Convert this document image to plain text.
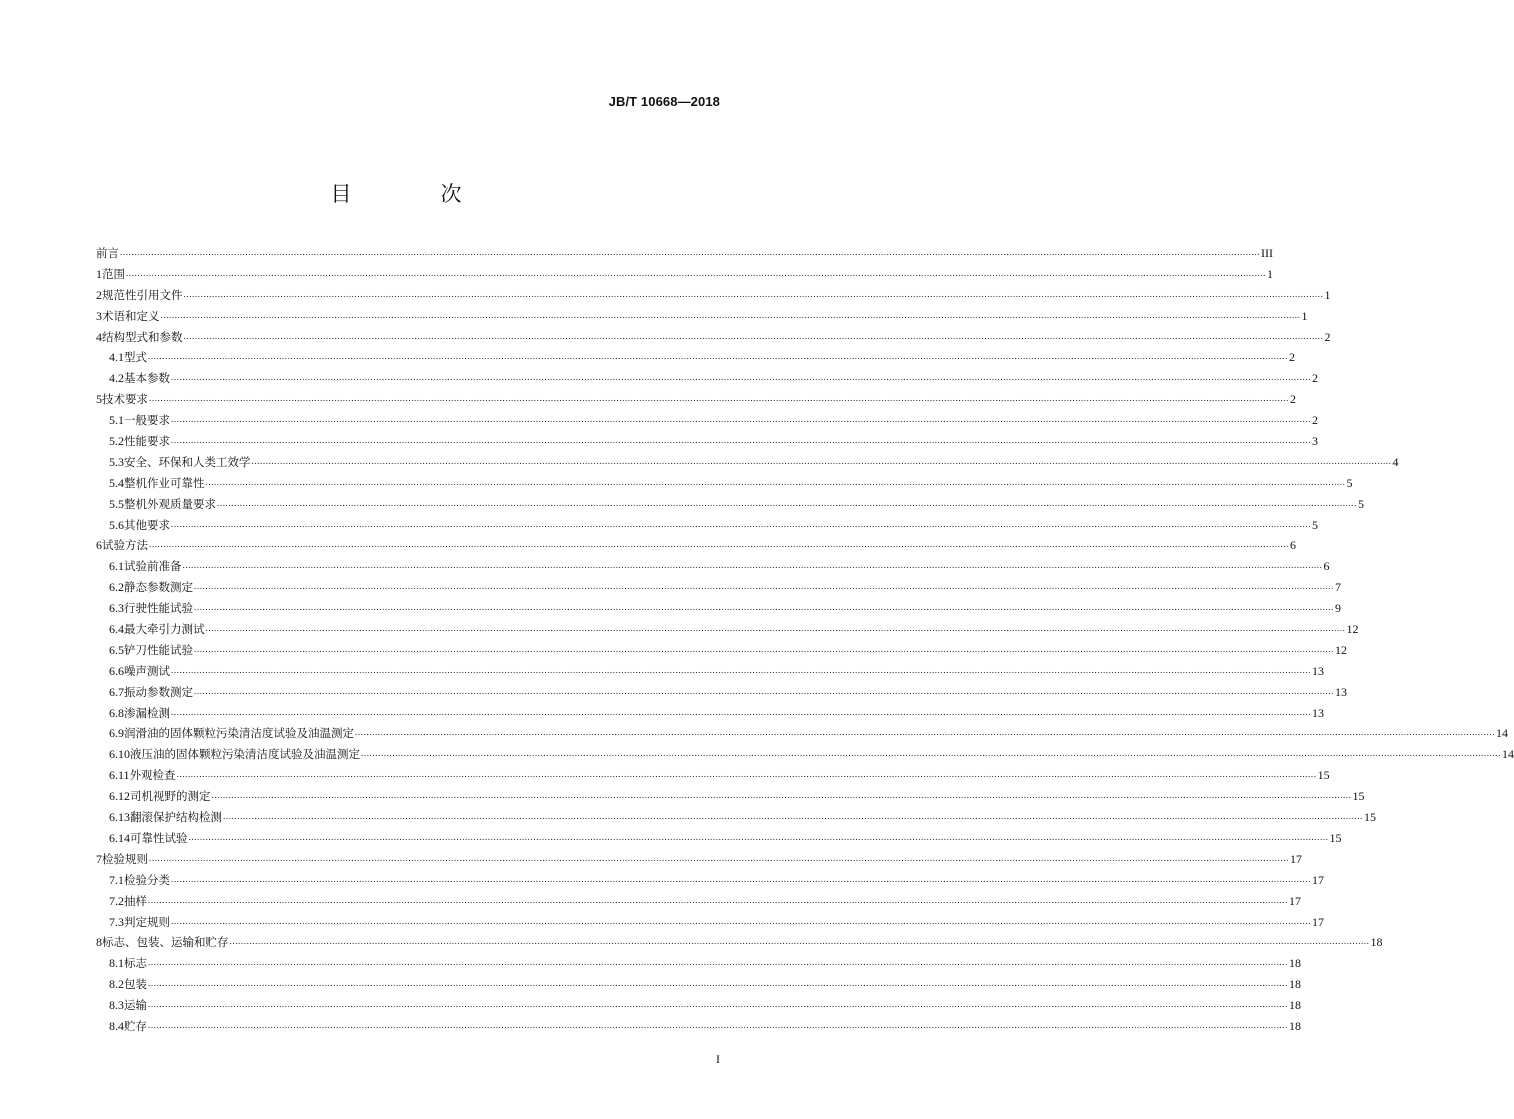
JB/T 10668—2018

目　次
前言 ................................................................................................................................................................................................................................................................................................................................................................................................................ III
1 范围 ................................................................................................................................................................................................................................................................................................................................................................................................................ 1
2 规范性引用文件 ................................................................................................................................................................................................................................................................................................................................................................................................................ 1
3 术语和定义 ................................................................................................................................................................................................................................................................................................................................................................................................................ 1
4 结构型式和参数 ................................................................................................................................................................................................................................................................................................................................................................................................................ 2
4.1 型式 ................................................................................................................................................................................................................................................................................................................................................................................................................ 2
4.2 基本参数 ................................................................................................................................................................................................................................................................................................................................................................................................................ 2
5 技术要求 ................................................................................................................................................................................................................................................................................................................................................................................................................ 2
5.1 一般要求 ................................................................................................................................................................................................................................................................................................................................................................................................................ 2
5.2 性能要求 ................................................................................................................................................................................................................................................................................................................................................................................................................ 3
5.3 安全、环保和人类工效学 ................................................................................................................................................................................................................................................................................................................................................................................................................ 4
5.4 整机作业可靠性 ................................................................................................................................................................................................................................................................................................................................................................................................................ 5
5.5 整机外观质量要求 ................................................................................................................................................................................................................................................................................................................................................................................................................ 5
5.6 其他要求 ................................................................................................................................................................................................................................................................................................................................................................................................................ 5
6 试验方法 ................................................................................................................................................................................................................................................................................................................................................................................................................ 6
6.1 试验前准备 ................................................................................................................................................................................................................................................................................................................................................................................................................ 6
6.2 静态参数测定 ................................................................................................................................................................................................................................................................................................................................................................................................................ 7
6.3 行驶性能试验 ................................................................................................................................................................................................................................................................................................................................................................................................................ 9
6.4 最大牵引力测试 ................................................................................................................................................................................................................................................................................................................................................................................................................ 12
6.5 铲刀性能试验 ................................................................................................................................................................................................................................................................................................................................................................................................................ 12
6.6 噪声测试 ................................................................................................................................................................................................................................................................................................................................................................................................................ 13
6.7 振动参数测定 ................................................................................................................................................................................................................................................................................................................................................................................................................ 13
6.8 渗漏检测 ................................................................................................................................................................................................................................................................................................................................................................................................................ 13
6.9 润滑油的固体颗粒污染清洁度试验及油温测定 ................................................................................................................................................................................................................................................................................................................................................................................................................ 14
6.10 液压油的固体颗粒污染清洁度试验及油温测定 ................................................................................................................................................................................................................................................................................................................................................................................................................ 14
6.11 外观检查 ................................................................................................................................................................................................................................................................................................................................................................................................................ 15
6.12 司机视野的测定 ................................................................................................................................................................................................................................................................................................................................................................................................................ 15
6.13 翻滚保护结构检测 ................................................................................................................................................................................................................................................................................................................................................................................................................ 15
6.14 可靠性试验 ................................................................................................................................................................................................................................................................................................................................................................................................................ 15
7 检验规则 ................................................................................................................................................................................................................................................................................................................................................................................................................ 17
7.1 检验分类 ................................................................................................................................................................................................................................................................................................................................................................................................................ 17
7.2 抽样 ................................................................................................................................................................................................................................................................................................................................................................................................................ 17
7.3 判定规则 ................................................................................................................................................................................................................................................................................................................................................................................................................ 17
8 标志、包装、运输和贮存 ................................................................................................................................................................................................................................................................................................................................................................................................................ 18
8.1 标志 ................................................................................................................................................................................................................................................................................................................................................................................................................ 18
8.2 包装 ................................................................................................................................................................................................................................................................................................................................................................................................................ 18
8.3 运输 ................................................................................................................................................................................................................................................................................................................................................................................................................ 18
8.4 贮存 ................................................................................................................................................................................................................................................................................................................................................................................................................ 18

I
